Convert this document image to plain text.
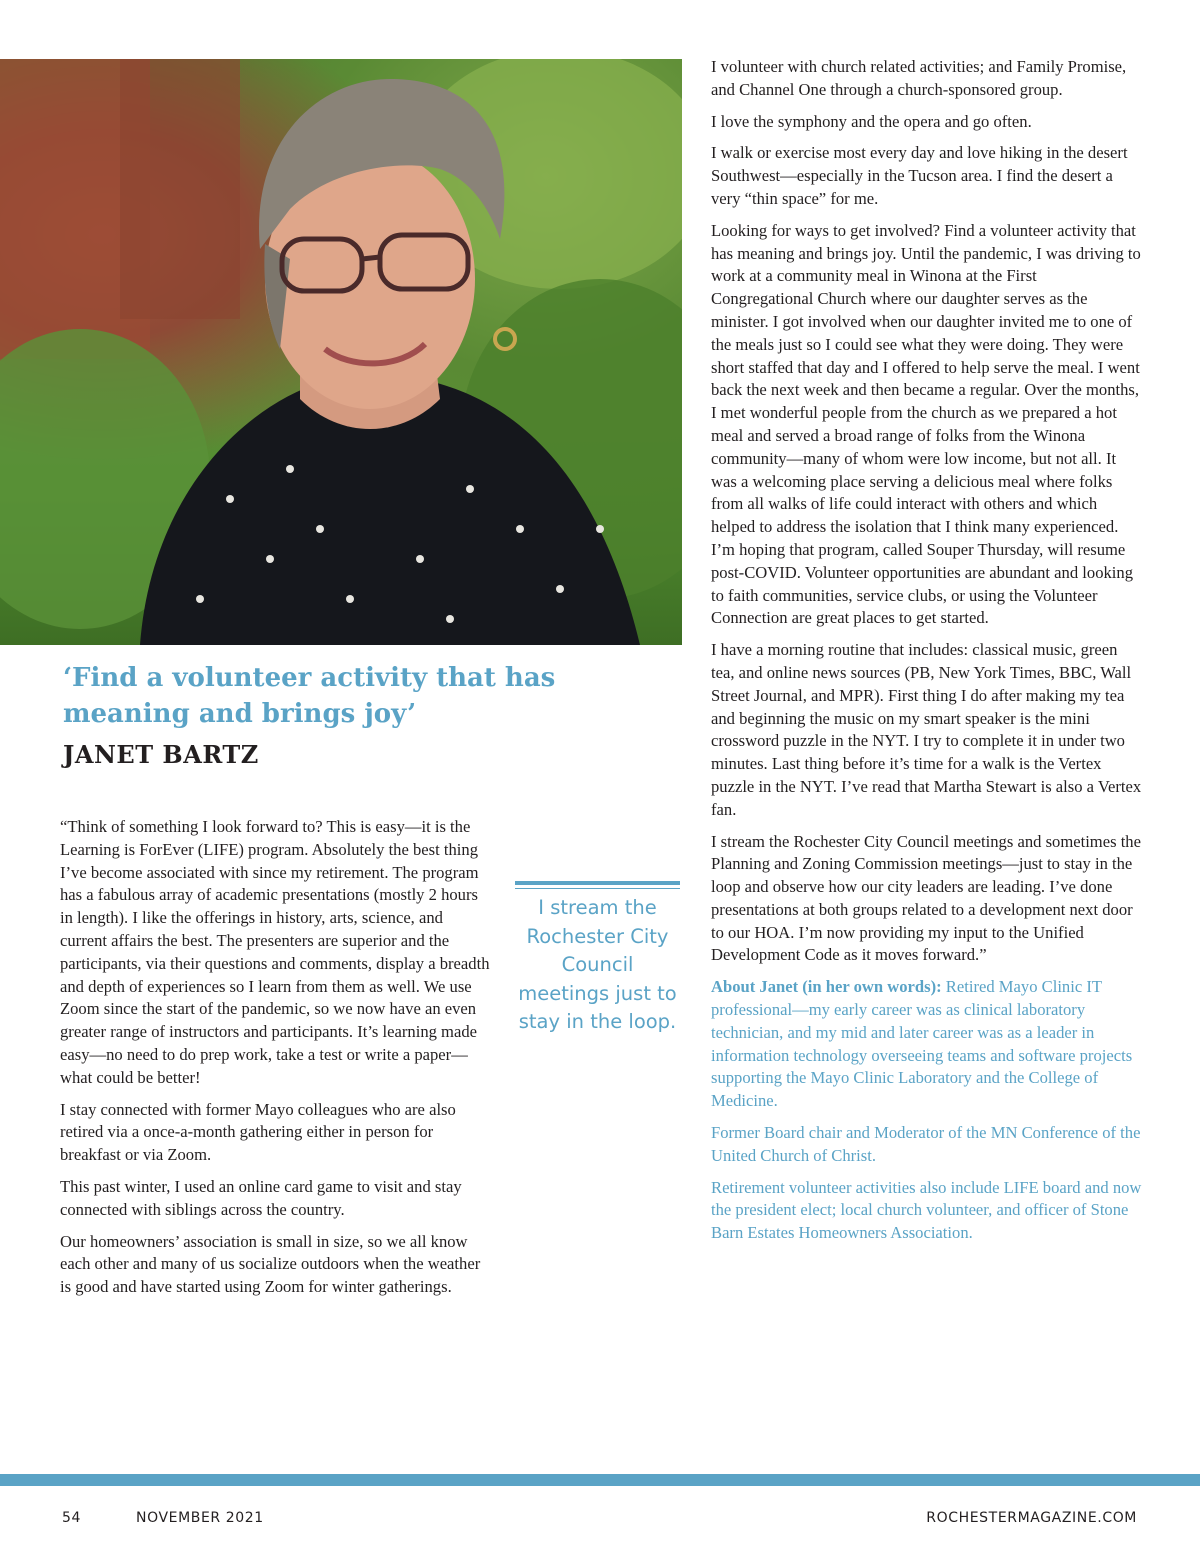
‘Find a volunteer activity that has meaning and brings joy’
JANET BARTZ

“Think of something I look forward to? This is easy—it is the Learning is ForEver (LIFE) program. Absolutely the best thing I’ve become associated with since my retirement. The program has a fabulous array of academic presentations (mostly 2 hours in length). I like the offerings in history, arts, science, and current affairs the best. The presenters are superior and the participants, via their questions and comments, display a breadth and depth of experiences so I learn from them as well. We use Zoom since the start of the pandemic, so we now have an even greater range of instructors and participants. It’s learning made easy—no need to do prep work, take a test or write a paper—what could be better!

I stay connected with former Mayo colleagues who are also retired via a once-a-month gathering either in person for breakfast or via Zoom.

This past winter, I used an online card game to visit and stay connected with siblings across the country.

Our homeowners’ association is small in size, so we all know each other and many of us socialize outdoors when the weather is good and have started using Zoom for winter gatherings.

I stream the Rochester City Council meetings just to stay in the loop.

I volunteer with church related activities; and Family Promise, and Channel One through a church-sponsored group.

I love the symphony and the opera and go often.

I walk or exercise most every day and love hiking in the desert Southwest—especially in the Tucson area. I find the desert a very “thin space” for me.

Looking for ways to get involved? Find a volunteer activity that has meaning and brings joy. Until the pandemic, I was driving to work at a community meal in Winona at the First Congregational Church where our daughter serves as the minister. I got involved when our daughter invited me to one of the meals just so I could see what they were doing. They were short staffed that day and I offered to help serve the meal. I went back the next week and then became a regular. Over the months, I met wonderful people from the church as we prepared a hot meal and served a broad range of folks from the Winona community—many of whom were low income, but not all. It was a welcoming place serving a delicious meal where folks from all walks of life could interact with others and which helped to address the isolation that I think many experienced. I’m hoping that program, called Souper Thursday, will resume post-COVID. Volunteer opportunities are abundant and looking to faith communities, service clubs, or using the Volunteer Connection are great places to get started.

I have a morning routine that includes: classical music, green tea, and online news sources (PB, New York Times, BBC, Wall Street Journal, and MPR). First thing I do after making my tea and beginning the music on my smart speaker is the mini crossword puzzle in the NYT. I try to complete it in under two minutes. Last thing before it’s time for a walk is the Vertex puzzle in the NYT. I’ve read that Martha Stewart is also a Vertex fan.

I stream the Rochester City Council meetings and sometimes the Planning and Zoning Commission meetings—just to stay in the loop and observe how our city leaders are leading. I’ve done presentations at both groups related to a development next door to our HOA. I’m now providing my input to the Unified Development Code as it moves forward.”

About Janet (in her own words): Retired Mayo Clinic IT professional—my early career was as clinical laboratory technician, and my mid and later career was as a leader in information technology overseeing teams and software projects supporting the Mayo Clinic Laboratory and the College of Medicine.

Former Board chair and Moderator of the MN Conference of the United Church of Christ.

Retirement volunteer activities also include LIFE board and now the president elect; local church volunteer, and officer of Stone Barn Estates Homeowners Association.

54	NOVEMBER 2021	ROCHESTERMAGAZINE.COM
